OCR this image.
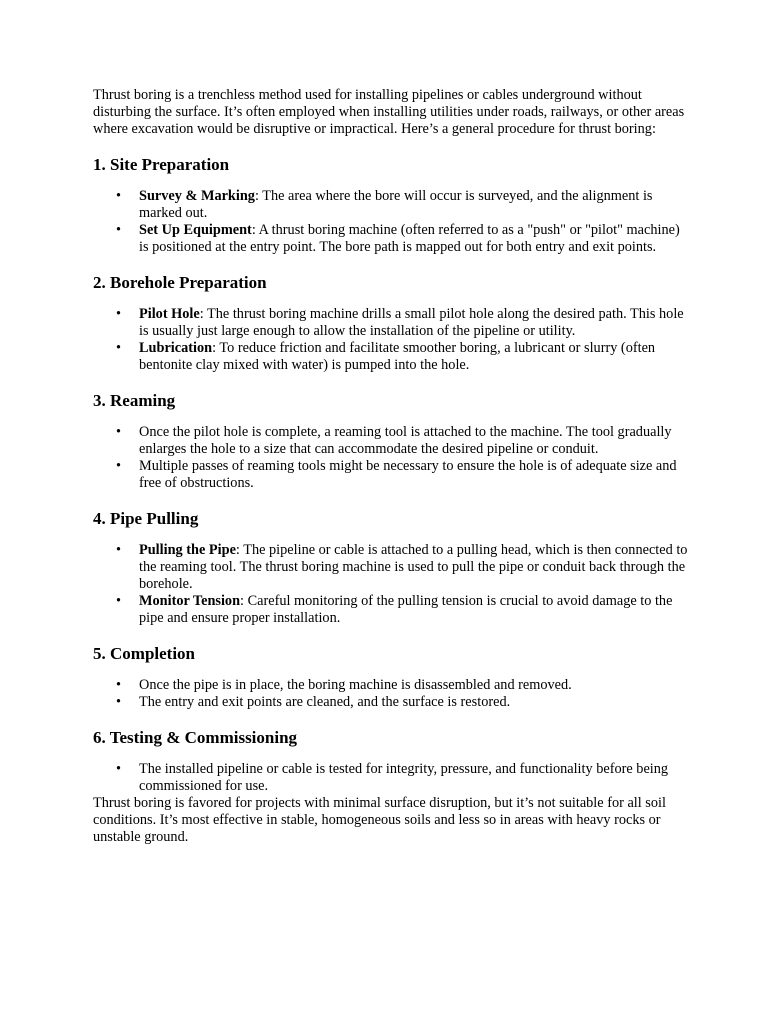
Thrust boring is a trenchless method used for installing pipelines or cables underground without disturbing the surface. It’s often employed when installing utilities under roads, railways, or other areas where excavation would be disruptive or impractical. Here’s a general procedure for thrust boring:

1. Site Preparation
• Survey & Marking: The area where the bore will occur is surveyed, and the alignment is marked out.
• Set Up Equipment: A thrust boring machine (often referred to as a "push" or "pilot" machine) is positioned at the entry point. The bore path is mapped out for both entry and exit points.
2. Borehole Preparation
• Pilot Hole: The thrust boring machine drills a small pilot hole along the desired path. This hole is usually just large enough to allow the installation of the pipeline or utility.
• Lubrication: To reduce friction and facilitate smoother boring, a lubricant or slurry (often bentonite clay mixed with water) is pumped into the hole.
3. Reaming
• Once the pilot hole is complete, a reaming tool is attached to the machine. The tool gradually enlarges the hole to a size that can accommodate the desired pipeline or conduit.
• Multiple passes of reaming tools might be necessary to ensure the hole is of adequate size and free of obstructions.
4. Pipe Pulling
• Pulling the Pipe: The pipeline or cable is attached to a pulling head, which is then connected to the reaming tool. The thrust boring machine is used to pull the pipe or conduit back through the borehole.
• Monitor Tension: Careful monitoring of the pulling tension is crucial to avoid damage to the pipe and ensure proper installation.
5. Completion
• Once the pipe is in place, the boring machine is disassembled and removed.
• The entry and exit points are cleaned, and the surface is restored.
6. Testing & Commissioning
• The installed pipeline or cable is tested for integrity, pressure, and functionality before being commissioned for use.

Thrust boring is favored for projects with minimal surface disruption, but it’s not suitable for all soil conditions. It’s most effective in stable, homogeneous soils and less so in areas with heavy rocks or unstable ground.
